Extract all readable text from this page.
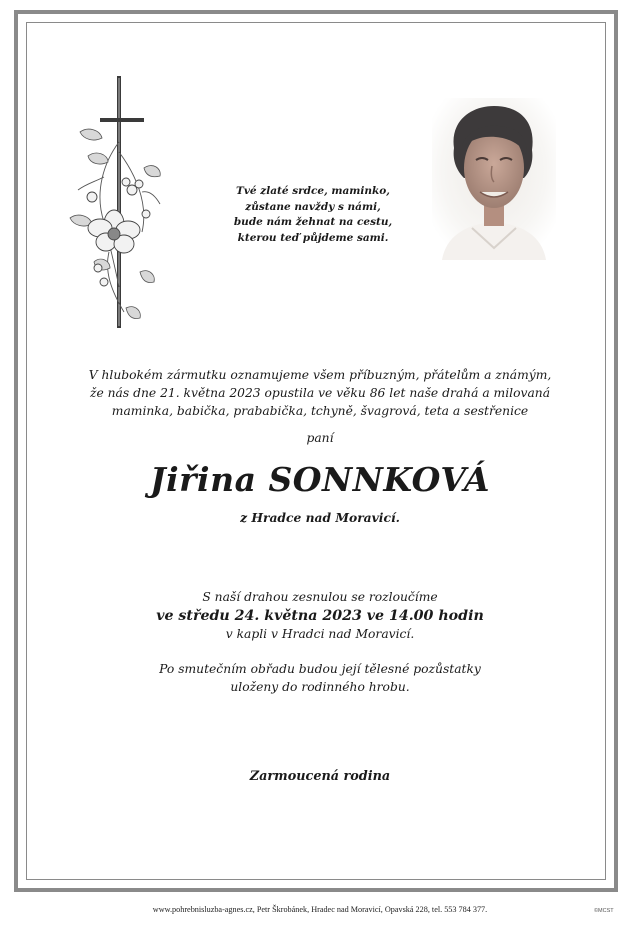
Tvé zlaté srdce, maminko,
zůstane navždy s námi,
bude nám žehnat na cestu,
kterou teď půjdeme sami.
V hlubokém zármutku oznamujeme všem příbuzným, přátelům a známým,
že nás dne 21. května 2023 opustila ve věku 86 let naše drahá a milovaná
maminka, babička, prababička, tchyně, švagrová, teta a sestřenice
paní
Jiřina SONNKOVÁ
z Hradce nad Moravicí.
S naší drahou zesnulou se rozloučíme
ve středu 24. května 2023 ve 14.00 hodin
v kapli v Hradci nad Moravicí.
Po smutečním obřadu budou její tělesné pozůstatky
uloženy do rodinného hrobu.
Zarmoucená rodina
www.pohrebnisluzba-agnes.cz, Petr Škrobánek, Hradec nad Moravicí, Opavská 228, tel. 553 784 377.	©MCST
